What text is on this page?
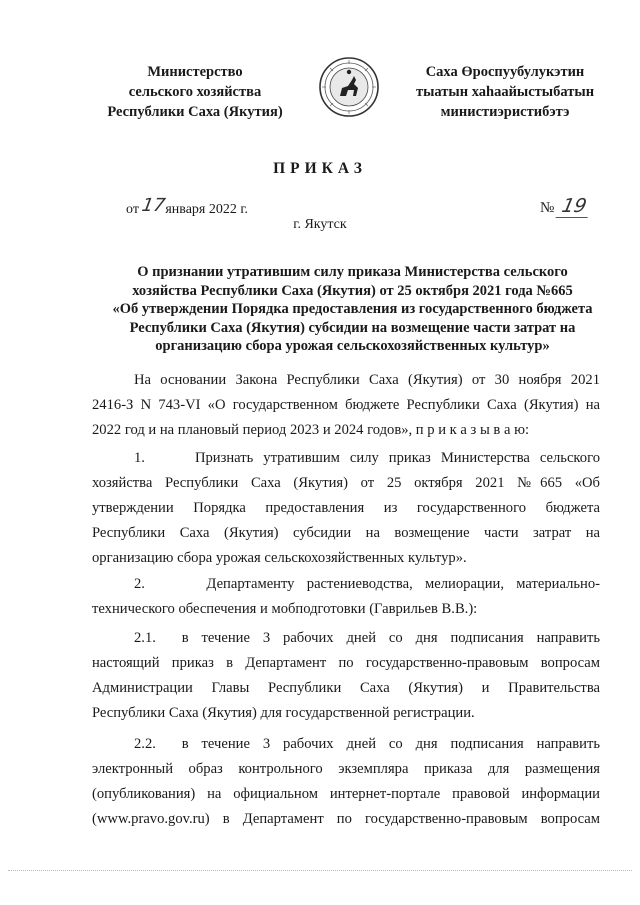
Министерство
сельского хозяйства
Республики Саха (Якутия)
Саха Өроспуубулукэтин
тыатын хаһаайыстыбатын
министиэристибэтэ
ПРИКАЗ
от 17января 2022 г.	№ 19
г. Якутск
О признании утратившим силу приказа Министерства сельского
хозяйства Республики Саха (Якутия) от 25 октября 2021 года №665
«Об утверждении Порядка предоставления из государственного бюджета
Республики Саха (Якутия) субсидии на возмещение части затрат на
организацию сбора урожая сельскохозяйственных культур»
На основании Закона Республики Саха (Якутия) от 30 ноября 2021
2416-З N 743-VI «О государственном бюджете Республики Саха (Якутия) на
2022 год и на плановый период 2023 и 2024 годов», п р и к а з ы в а ю:
1.     Признать утратившим силу приказ Министерства сельского
хозяйства Республики Саха (Якутия) от 25 октября 2021 №665 «Об
утверждении Порядка предоставления из государственного бюджета
Республики Саха (Якутия) субсидии на возмещение части затрат на
организацию сбора урожая сельскохозяйственных культур».
2.     Департаменту растениеводства, мелиорации, материально-
технического обеспечения и мобподготовки (Гаврильев В.В.):
2.1.  в течение 3 рабочих дней со дня подписания направить
настоящий приказ в Департамент по государственно-правовым вопросам
Администрации Главы Республики Саха (Якутия) и Правительства
Республики Саха (Якутия) для государственной регистрации.
2.2.  в течение 3 рабочих дней со дня подписания направить
электронный образ контрольного экземпляра приказа для размещения
(опубликования) на официальном интернет-портале правовой информации
(www.pravo.gov.ru) в Департамент по государственно-правовым вопросам
